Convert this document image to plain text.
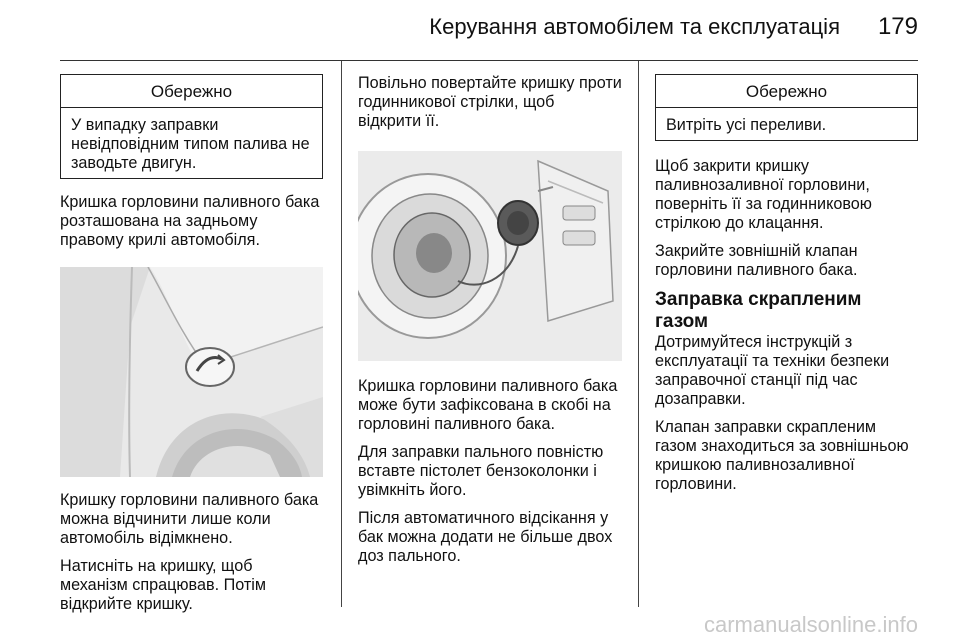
Керування автомобілем та експлуатація 179
Обережно
У випадку заправки невідповідним типом палива не заводьте двигун.

Кришка горловини паливного бака розташована на задньому правому крилі автомобіля.

Кришку горловини паливного бака можна відчинити лише коли автомобіль відімкнено.

Натисніть на кришку, щоб механізм спрацював. Потім відкрийте кришку.

Повільно повертайте кришку проти годинникової стрілки, щоб відкрити її.

Кришка горловини паливного бака може бути зафіксована в скобі на горловині паливного бака.

Для заправки пального повністю вставте пістолет бензоколонки і увімкніть його.

Після автоматичного відсікання у бак можна додати не більше двох доз пального.

Обережно
Витріть усі переливи.

Щоб закрити кришку паливнозаливної горловини, поверніть її за годинниковою стрілкою до клацання.

Закрийте зовнішній клапан горловини паливного бака.

Заправка скрапленим газом

Дотримуйтеся інструкцій з експлуатації та техніки безпеки заправочної станції під час дозаправки.

Клапан заправки скрапленим газом знаходиться за зовнішньою кришкою паливнозаливної горловини.

carmanualsonline.info
